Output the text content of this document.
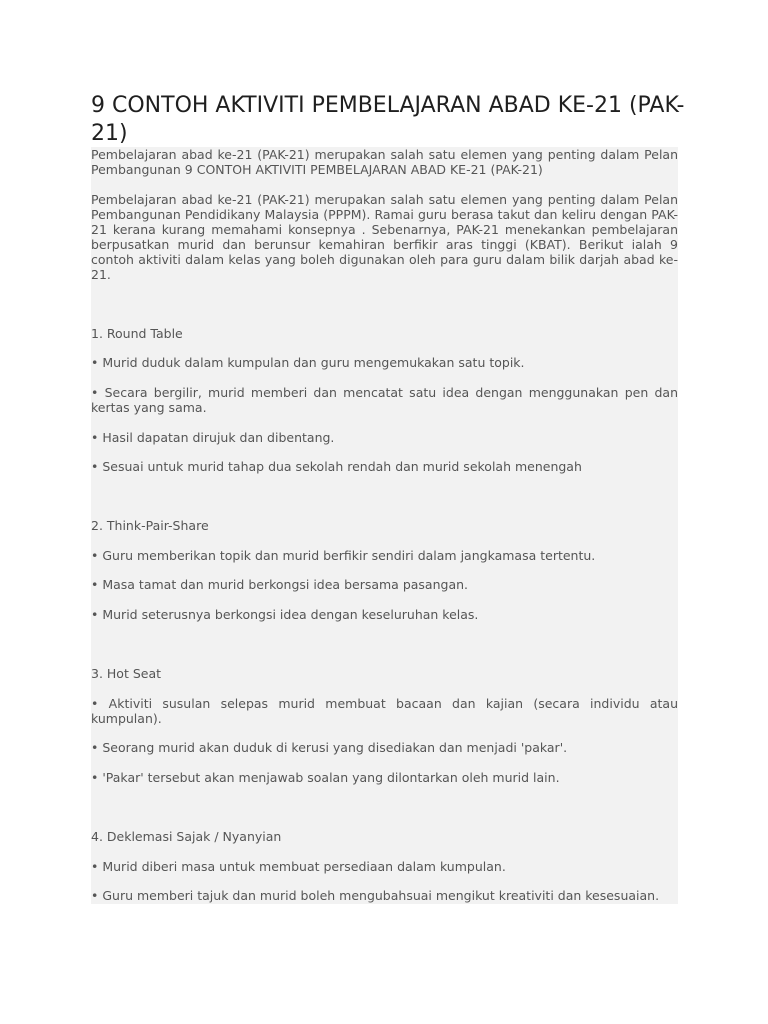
9 CONTOH AKTIVITI PEMBELAJARAN ABAD KE-21 (PAK-21)

Pembelajaran abad ke-21 (PAK-21) merupakan salah satu elemen yang penting dalam Pelan Pembangunan 9 CONTOH AKTIVITI PEMBELAJARAN ABAD KE-21 (PAK-21)

Pembelajaran abad ke-21 (PAK-21) merupakan salah satu elemen yang penting dalam Pelan Pembangunan Pendidikany Malaysia (PPPM). Ramai guru berasa takut dan keliru dengan PAK-21 kerana kurang memahami konsepnya . Sebenarnya, PAK-21 menekankan pembelajaran berpusatkan murid dan berunsur kemahiran berfikir aras tinggi (KBAT). Berikut ialah 9 contoh aktiviti dalam kelas yang boleh digunakan oleh para guru dalam bilik darjah abad ke-21.

1. Round Table

• Murid duduk dalam kumpulan dan guru mengemukakan satu topik.

• Secara bergilir, murid memberi dan mencatat satu idea dengan menggunakan pen dan kertas yang sama.

• Hasil dapatan dirujuk dan dibentang.

• Sesuai untuk murid tahap dua sekolah rendah dan murid sekolah menengah

2. Think-Pair-Share

• Guru memberikan topik dan murid berfikir sendiri dalam jangkamasa tertentu.

• Masa tamat dan murid berkongsi idea bersama pasangan.

• Murid seterusnya berkongsi idea dengan keseluruhan kelas.

3. Hot Seat

• Aktiviti susulan selepas murid membuat bacaan dan kajian (secara individu atau kumpulan).

• Seorang murid akan duduk di kerusi yang disediakan dan menjadi 'pakar'.

• 'Pakar' tersebut akan menjawab soalan yang dilontarkan oleh murid lain.

4. Deklemasi Sajak / Nyanyian

• Murid diberi masa untuk membuat persediaan dalam kumpulan.

• Guru memberi tajuk dan murid boleh mengubahsuai mengikut kreativiti dan kesesuaian.
